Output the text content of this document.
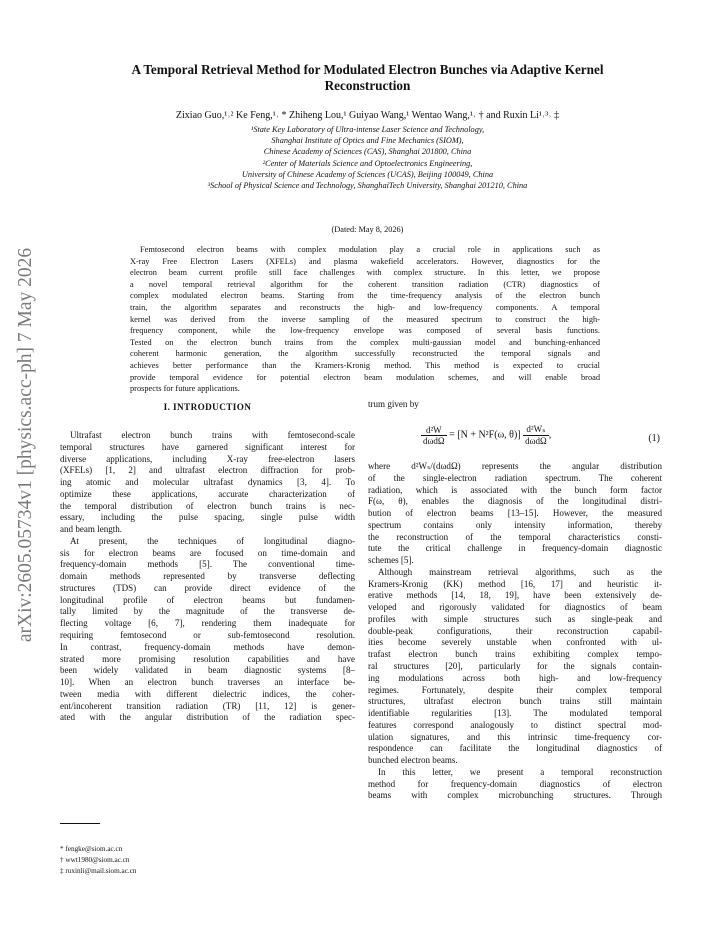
arXiv:2605.05734v1 [physics.acc-ph] 7 May 2026
A Temporal Retrieval Method for Modulated Electron Bunches via Adaptive Kernel
Reconstruction
Zixiao Guo,¹˒² Ke Feng,¹˒ * Zhiheng Lou,¹ Guiyao Wang,¹ Wentao Wang,¹˒ † and Ruxin Li¹˒³˒ ‡
¹State Key Laboratory of Ultra-intense Laser Science and Technology,
Shanghai Institute of Optics and Fine Mechanics (SIOM),
Chinese Academy of Sciences (CAS), Shanghai 201800, China
²Center of Materials Science and Optoelectronics Engineering,
University of Chinese Academy of Sciences (UCAS), Beijing 100049, China
³School of Physical Science and Technology, ShanghaiTech University, Shanghai 201210, China
(Dated: May 8, 2026)
Femtosecond electron beams with complex modulation play a crucial role in applications such as
X-ray Free Electron Lasers (XFELs) and plasma wakefield accelerators. However, diagnostics for the
electron beam current profile still face challenges with complex structure. In this letter, we propose
a novel temporal retrieval algorithm for the coherent transition radiation (CTR) diagnostics of
complex modulated electron beams. Starting from the time-frequency analysis of the electron bunch
train, the algorithm separates and reconstructs the high- and low-frequency components. A temporal
kernel was derived from the inverse sampling of the measured spectrum to construct the high-
frequency component, while the low-frequency envelope was composed of several basis functions.
Tested on the electron bunch trains from the complex multi-gaussian model and bunching-enhanced
coherent harmonic generation, the algorithm successfully reconstructed the temporal signals and
achieves better performance than the Kramers-Kronig method. This method is expected to crucial
provide temporal evidence for potential electron beam modulation schemes, and will enable broad
prospects for future applications.
I. INTRODUCTION
Ultrafast electron bunch trains with femtosecond-scale
temporal structures have garnered significant interest for
diverse applications, including X-ray free-electron lasers
(XFELs) [1, 2] and ultrafast electron diffraction for prob-
ing atomic and molecular ultrafast dynamics [3, 4]. To
optimize these applications, accurate characterization of
the temporal distribution of electron bunch trains is nec-
essary, including the pulse spacing, single pulse width
and beam length.
At present, the techniques of longitudinal diagno-
sis for electron beams are focused on time-domain and
frequency-domain methods [5]. The conventional time-
domain methods represented by transverse deflecting
structures (TDS) can provide direct evidence of the
longitudinal profile of electron beams but fundamen-
tally limited by the magnitude of the transverse de-
flecting voltage [6, 7], rendering them inadequate for
requiring femtosecond or sub-femtosecond resolution.
In contrast, frequency-domain methods have demon-
strated more promising resolution capabilities and have
been widely validated in beam diagnostic systems [8–
10]. When an electron bunch traverses an interface be-
tween media with different dielectric indices, the coher-
ent/incoherent transition radiation (TR) [11, 12] is gener-
ated with the angular distribution of the radiation spec-
trum given by
$\frac{\text{d²W}}{\text{dωdΩ}} = [N + N^2F(\omega$, $\theta)] \frac{\text{d²Wₛ}}{\text{dωdΩ}}$ ,	(1)
where d²Wₛ/(dωdΩ) represents the angular distribution
of the single-electron radiation spectrum. The coherent
radiation, which is associated with the bunch form factor
F(ω, θ), enables the diagnosis of the longitudinal distri-
bution of electron beams [13–15]. However, the measured
spectrum contains only intensity information, thereby
the reconstruction of the temporal characteristics consti-
tute the critical challenge in frequency-domain diagnostic
schemes [5].
Although mainstream retrieval algorithms, such as the
Kramers-Kronig (KK) method [16, 17] and heuristic it-
erative methods [14, 18, 19], have been extensively de-
veloped and rigorously validated for diagnostics of beam
profiles with simple structures such as single-peak and
double-peak configurations, their reconstruction capabil-
ities become severely unstable when confronted with ul-
trafast electron bunch trains exhibiting complex tempo-
ral structures [20], particularly for the signals contain-
ing modulations across both high- and low-frequency
regimes. Fortunately, despite their complex temporal
structures, ultrafast electron bunch trains still maintain
identifiable regularities [13]. The modulated temporal
features correspond analogously to distinct spectral mod-
ulation signatures, and this intrinsic time-frequency cor-
respondence can facilitate the longitudinal diagnostics of
bunched electron beams.
In this letter, we present a temporal reconstruction
method for frequency-domain diagnostics of electron
beams with complex microbunching structures. Through
* fengke@siom.ac.cn
† wwt1980@siom.ac.cn
‡ ruxinli@mail.siom.ac.cn
